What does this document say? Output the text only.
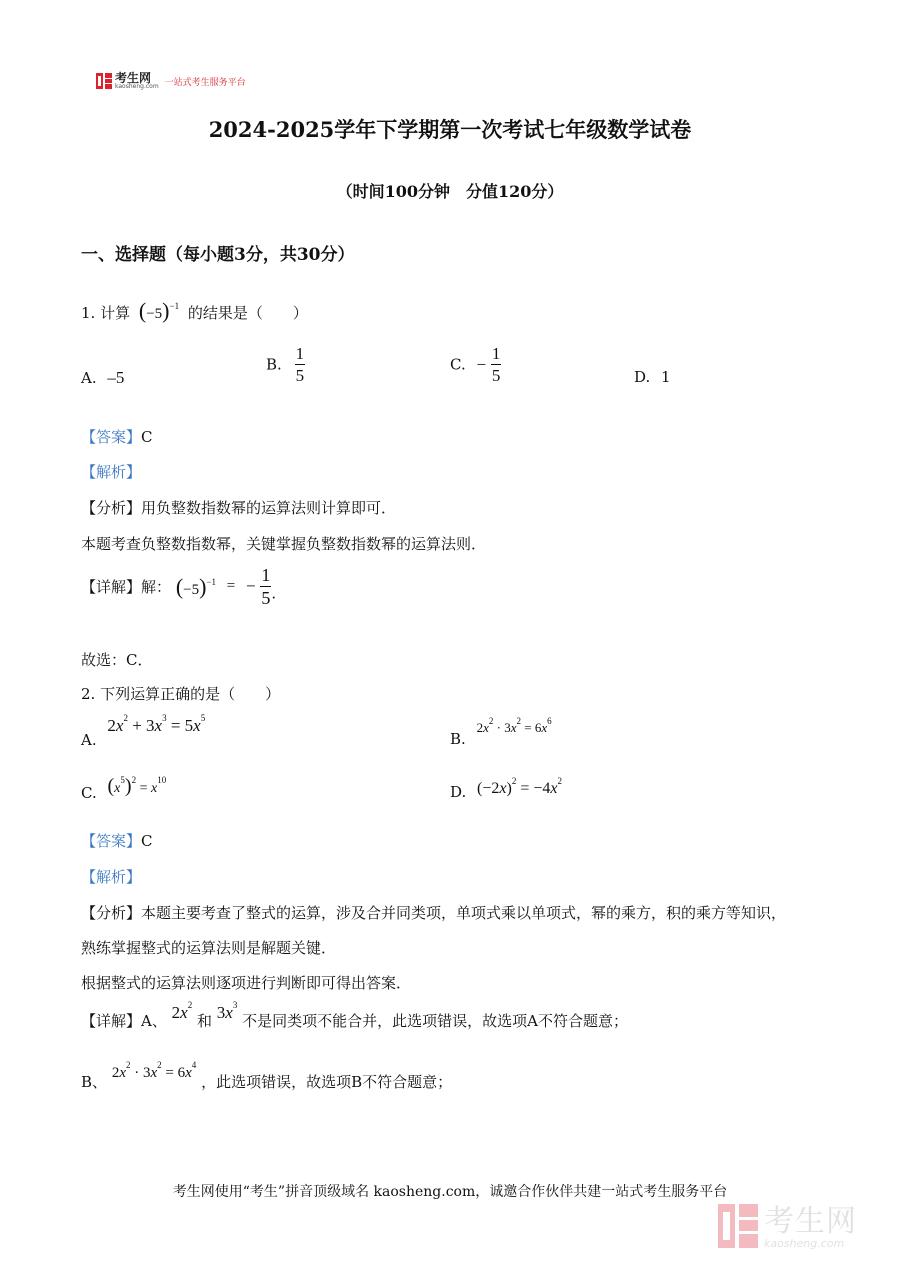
考生网
kaosheng.com 一站式考生服务平台
2024-2025学年下学期第一次考试七年级数学试卷
（时间100分钟　分值120分）
一、选择题（每小题3分，共30分）
1. 计算 $(-5)^{-1}$ 的结果是（　　）
A. –5
B. $\frac{1}{5}$	C. − $\frac{1}{5}$	D. 1
【答案】C
【解析】
【分析】用负整数指数幂的运算法则计算即可．
本题考查负整数指数幂，关键掌握负整数指数幂的运算法则．
【详解】解： $(-5)^{-1}$ = − $\frac{1}{5}$ .
故选：C．
2. 下列运算正确的是（　　）
A. $2x^2 + 3x^3 = 5x^5$
B. $2x^2 \cdot 3x^2 = 6x^6$
C. $(x^5)^2 = x^{10}$
D. $(-2x)^2 = -4x^2$
【答案】C
【解析】
【分析】本题主要考查了整式的运算，涉及合并同类项，单项式乘以单项式，幂的乘方，积的乘方等知识，
熟练掌握整式的运算法则是解题关键．
根据整式的运算法则逐项进行判断即可得出答案．
【详解】A、 $2x^2$ 和 $3x^3$ 不是同类项不能合并，此选项错误，故选项A不符合题意；
B、 $2x^2 \cdot 3x^2 = 6x^4$ ，此选项错误，故选项B不符合题意；
考生网使用“考生”拼音顶级域名 kaosheng.com，诚邀合作伙伴共建一站式考生服务平台
考生网
kaosheng.com
